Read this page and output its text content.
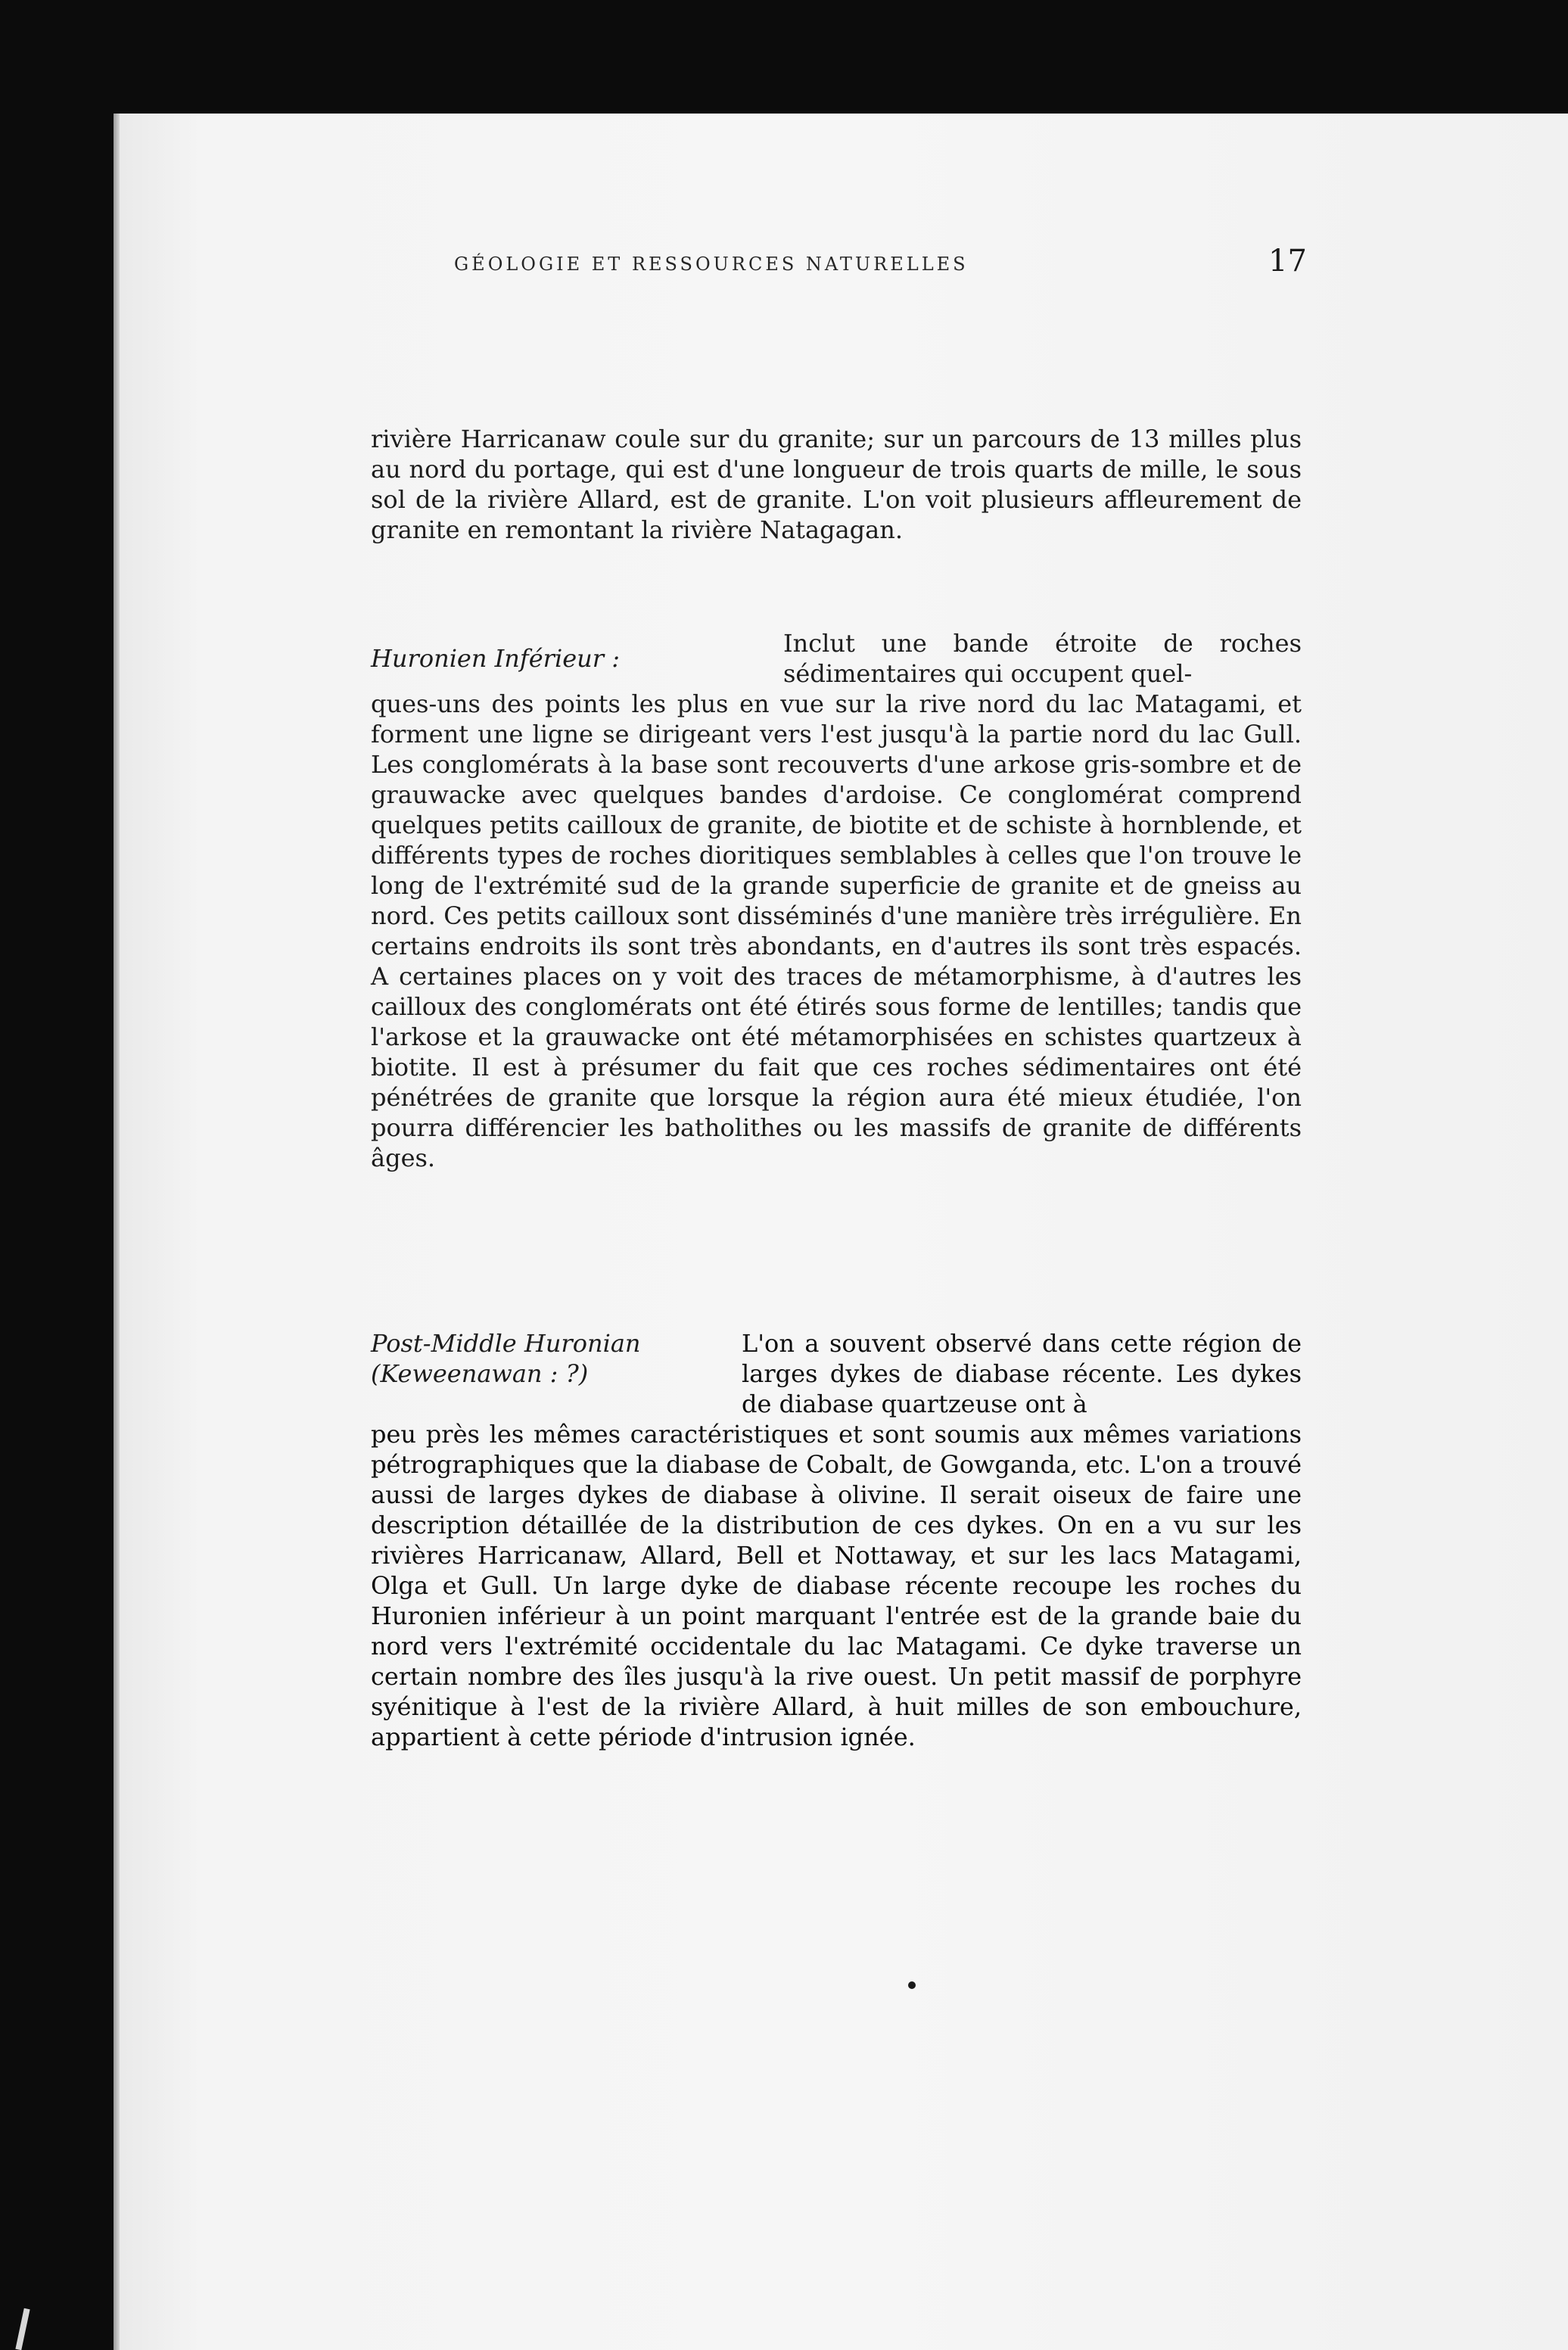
GÉOLOGIE ET RESSOURCES NATURELLES	17
rivière Harricanaw coule sur du granite; sur un parcours de 13 milles plus au nord du portage, qui est d'une longueur de trois quarts de mille, le sous sol de la rivière Allard, est de granite. L'on voit plusieurs affleurement de granite en remontant la rivière Natagagan.
Huronien Inférieur :
Inclut une bande étroite de roches sédimentaires qui occupent quel-
ques-uns des points les plus en vue sur la rive nord du lac Matagami, et forment une ligne se dirigeant vers l'est jusqu'à la partie nord du lac Gull. Les conglomérats à la base sont recouverts d'une arkose gris-sombre et de grauwacke avec quelques bandes d'ardoise. Ce conglomérat comprend quelques petits cailloux de granite, de biotite et de schiste à hornblende, et différents types de roches dioritiques semblables à celles que l'on trouve le long de l'extrémité sud de la grande superficie de granite et de gneiss au nord. Ces petits cailloux sont disséminés d'une manière très irrégulière. En certains endroits ils sont très abondants, en d'autres ils sont très espacés. A certaines places on y voit des traces de métamorphisme, à d'autres les cailloux des conglomérats ont été étirés sous forme de lentilles; tandis que l'arkose et la grauwacke ont été métamorphisées en schistes quartzeux à biotite. Il est à présumer du fait que ces roches sédimentaires ont été pénétrées de granite que lorsque la région aura été mieux étudiée, l'on pourra différencier les batholithes ou les massifs de granite de différents âges.
Post-Middle Huronian
(Keweenawan : ?)
L'on a souvent observé dans cette région de larges dykes de diabase récente. Les dykes de diabase quartzeuse ont à
peu près les mêmes caractéristiques et sont soumis aux mêmes variations pétrographiques que la diabase de Cobalt, de Gowganda, etc. L'on a trouvé aussi de larges dykes de diabase à olivine. Il serait oiseux de faire une description détaillée de la distribution de ces dykes. On en a vu sur les rivières Harricanaw, Allard, Bell et Nottaway, et sur les lacs Matagami, Olga et Gull. Un large dyke de diabase récente recoupe les roches du Huronien inférieur à un point marquant l'entrée est de la grande baie du nord vers l'extrémité occidentale du lac Matagami. Ce dyke traverse un certain nombre des îles jusqu'à la rive ouest. Un petit massif de porphyre syénitique à l'est de la rivière Allard, à huit milles de son embouchure, appartient à cette période d'intrusion ignée.
